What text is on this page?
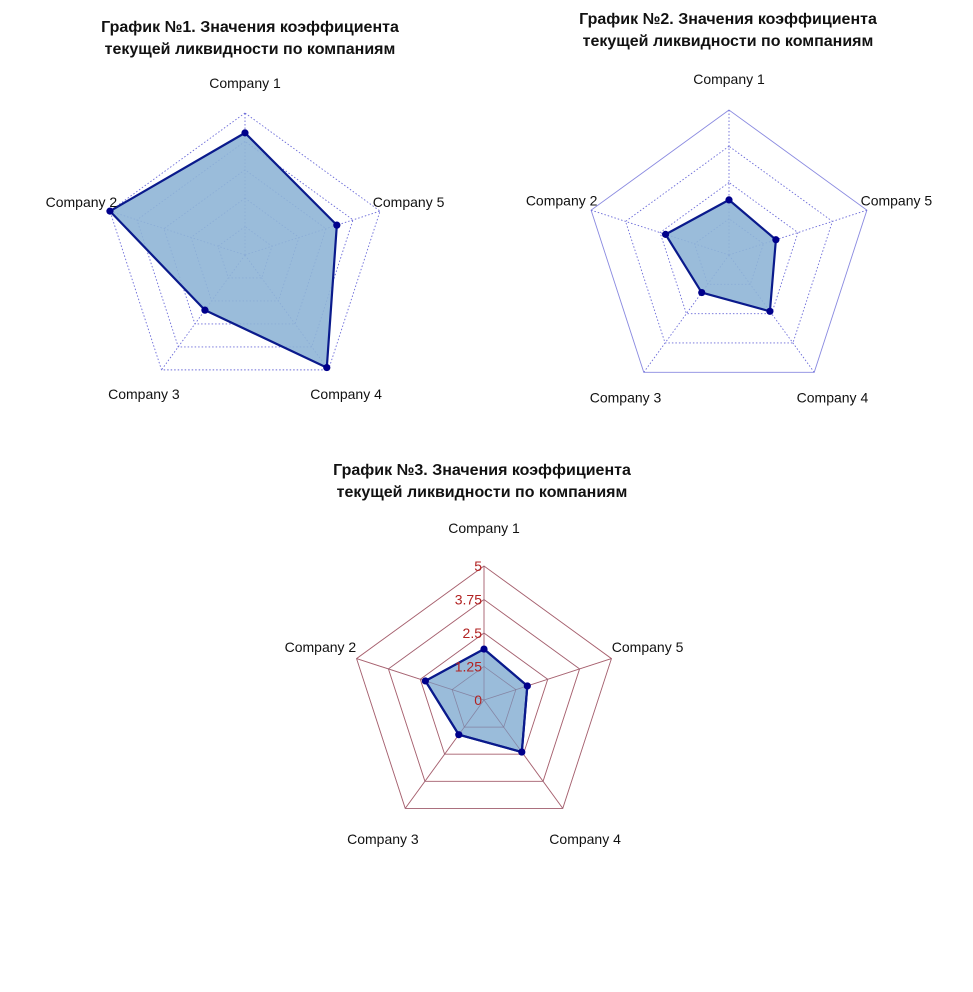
График №1. Значения коэффициента
текущей ликвидности по компаниям
График №2. Значения коэффициента
текущей ликвидности по компаниям
График №3. Значения коэффициента
текущей ликвидности по компаниям
Company 1
Company 2
Company 3	Company 4
Company 5
Company 1
Company 2
Company 3	Company 4
Company 5
0
1.25
2.5
3.75
5
Company 1
Company 2
Company 3	Company 4
Company 5
